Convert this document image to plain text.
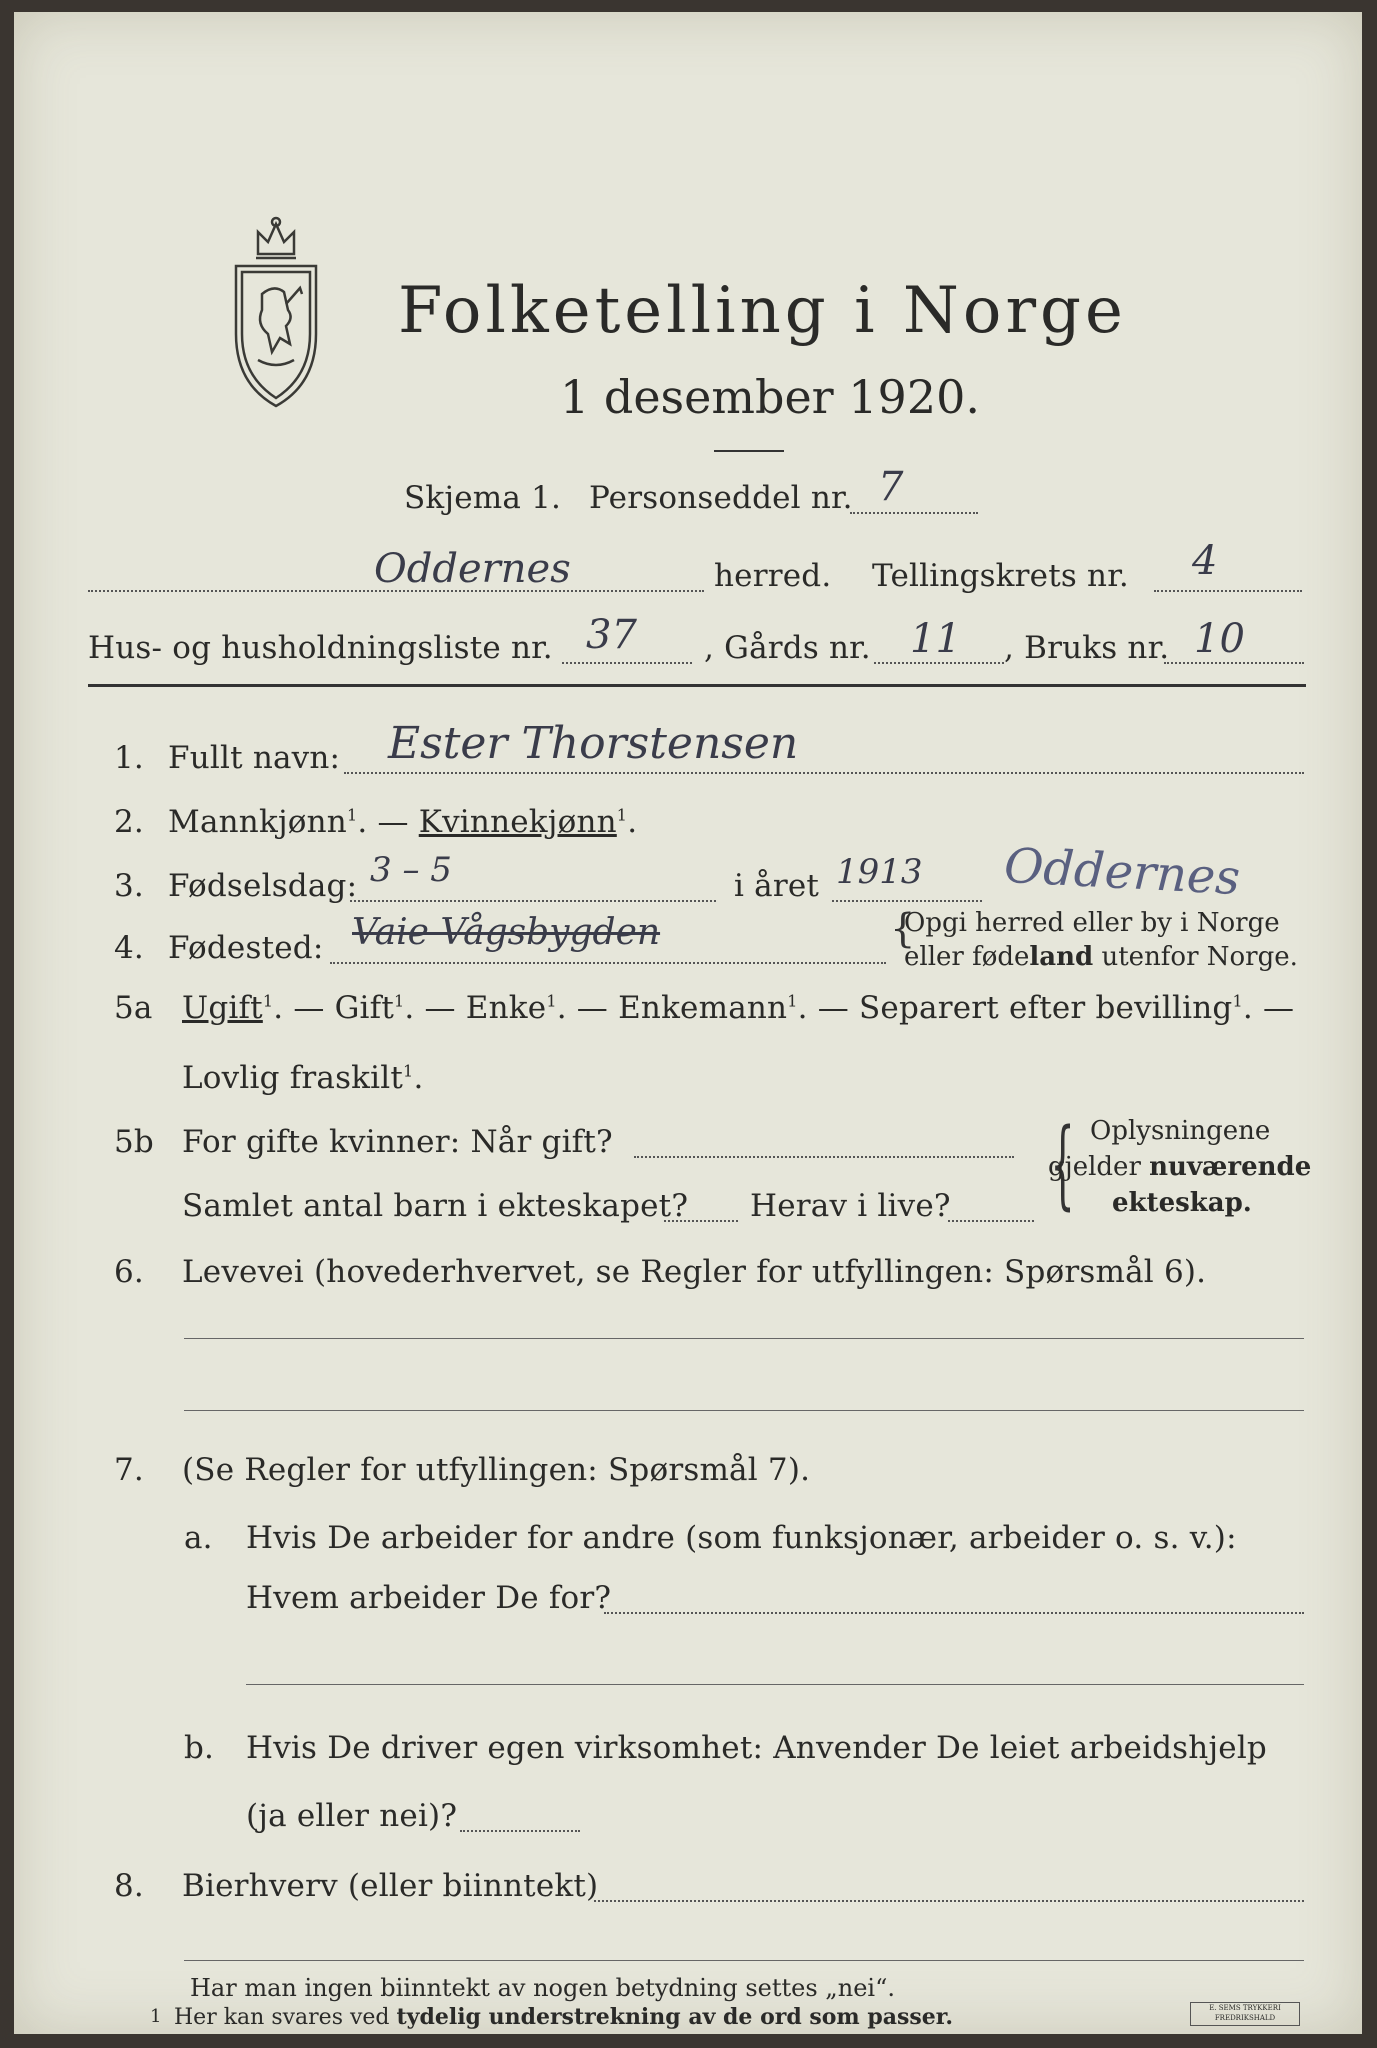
Folketelling i Norge
1 desember 1920.
Skjema 1. Personseddel nr. 7
Oddernes	herred. Tellingskrets nr. 4
Hus- og husholdningsliste nr. 37 , Gårds nr. 11 , Bruks nr. 10
1. Fullt navn: Ester Thorstensen
2. Mannkjønn$^1$. — Kvinnekjønn$^1$.
3. Fødselsdag: 3 – 5	i året 1913 Oddernes
4. Fødested: Vaie Vågsbygden	{
Opgi herred eller by i Norge
eller fødeland utenfor Norge.
5a Ugift$^1$. — Gift$^1$. — Enke$^1$. — Enkemann$^1$. — Separert efter bevilling$^1$. —
Lovlig fraskilt$^1$.
5b For gifte kvinner: Når gift?
Samlet antal barn i ekteskapet? Herav i live? { Oplysningene
gjelder nuværende
ekteskap.
6. Levevei (hovederhvervet, se Regler for utfyllingen: Spørsmål 6).
7. (Se Regler for utfyllingen: Spørsmål 7).
a. Hvis De arbeider for andre (som funksjonær, arbeider o. s. v.):
Hvem arbeider De for?
b. Hvis De driver egen virksomhet: Anvender De leiet arbeidshjelp
(ja eller nei)?
8. Bierhverv (eller biinntekt)
Har man ingen biinntekt av nogen betydning settes „nei“.
1 Her kan svares ved tydelig understrekning av de ord som passer.	E. SEMS TRYKKERI FREDRIKSHALD
